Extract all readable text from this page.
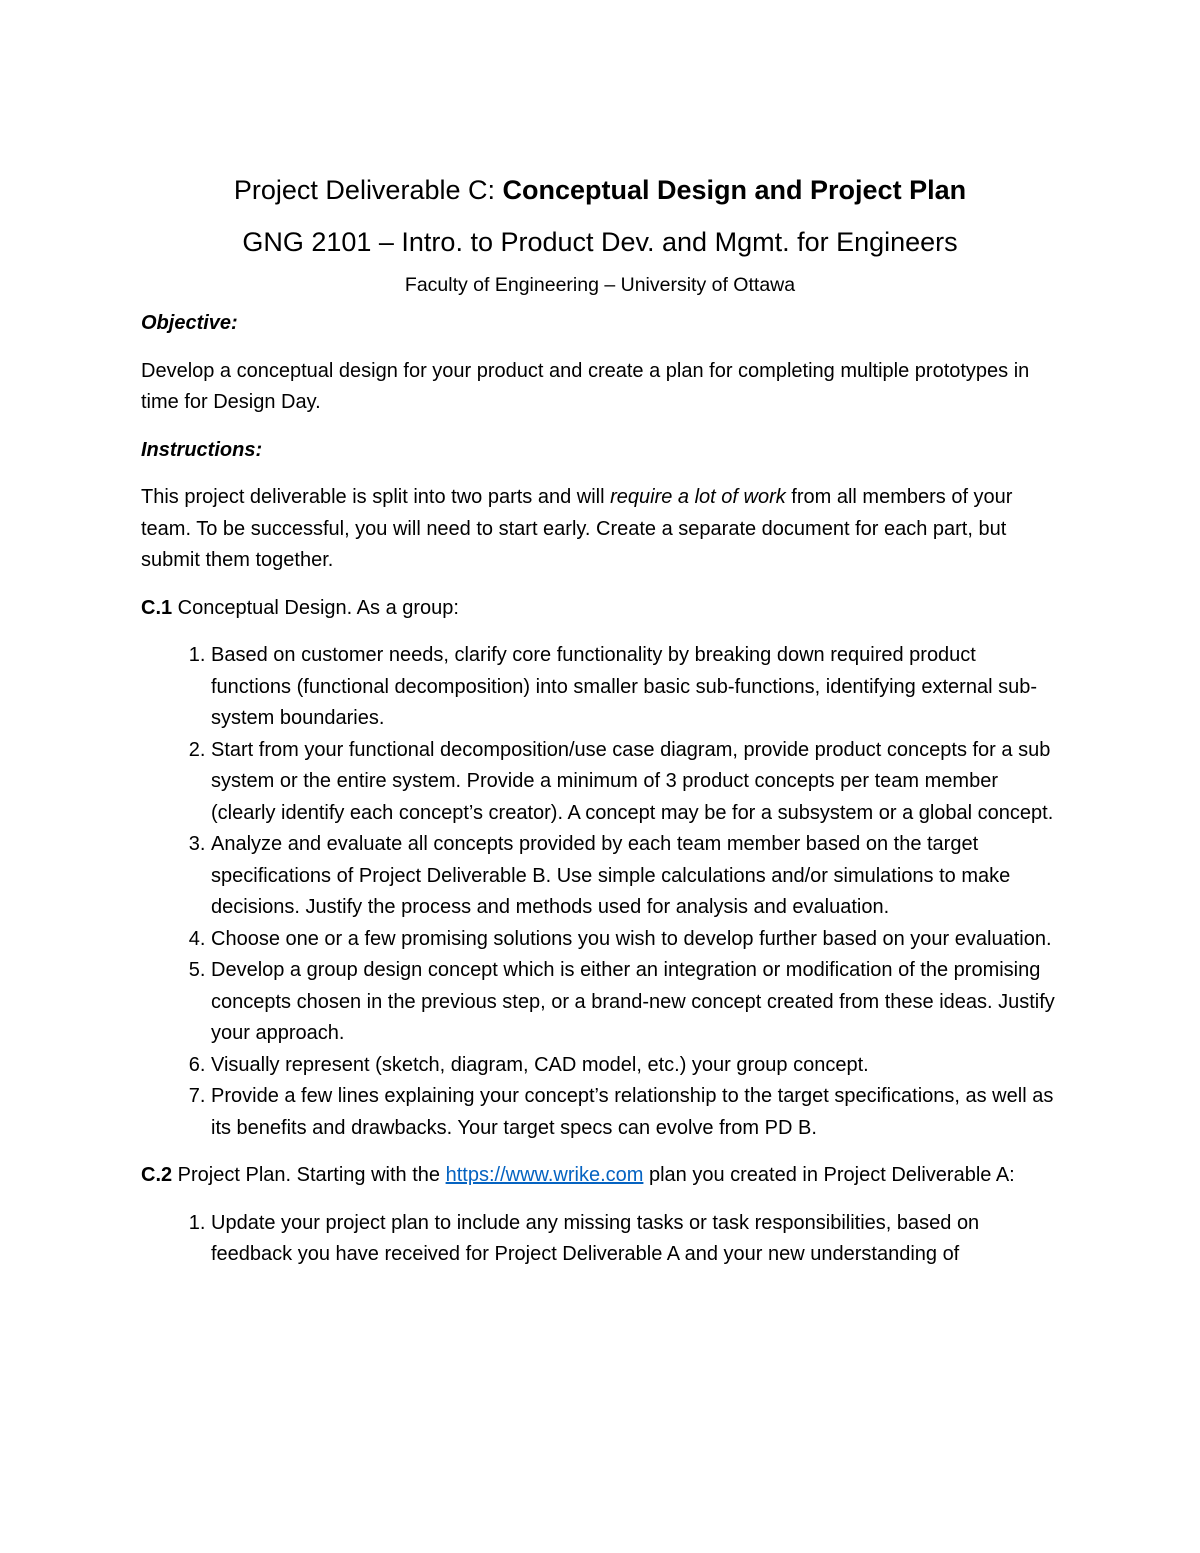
Project Deliverable C: Conceptual Design and Project Plan
GNG 2101 – Intro. to Product Dev. and Mgmt. for Engineers
Faculty of Engineering – University of Ottawa
Objective:

Develop a conceptual design for your product and create a plan for completing multiple prototypes in time for Design Day.

Instructions:

This project deliverable is split into two parts and will require a lot of work from all members of your team. To be successful, you will need to start early. Create a separate document for each part, but submit them together.

C.1 Conceptual Design. As a group:

1. Based on customer needs, clarify core functionality by breaking down required product functions (functional decomposition) into smaller basic sub-functions, identifying external sub-system boundaries.
2. Start from your functional decomposition/use case diagram, provide product concepts for a sub system or the entire system. Provide a minimum of 3 product concepts per team member (clearly identify each concept’s creator). A concept may be for a subsystem or a global concept.
3. Analyze and evaluate all concepts provided by each team member based on the target specifications of Project Deliverable B. Use simple calculations and/or simulations to make decisions. Justify the process and methods used for analysis and evaluation.
4. Choose one or a few promising solutions you wish to develop further based on your evaluation.
5. Develop a group design concept which is either an integration or modification of the promising concepts chosen in the previous step, or a brand-new concept created from these ideas. Justify your approach.
6. Visually represent (sketch, diagram, CAD model, etc.) your group concept.
7. Provide a few lines explaining your concept’s relationship to the target specifications, as well as its benefits and drawbacks. Your target specs can evolve from PD B.

C.2 Project Plan. Starting with the https://www.wrike.com plan you created in Project Deliverable A:

1. Update your project plan to include any missing tasks or task responsibilities, based on feedback you have received for Project Deliverable A and your new understanding of
